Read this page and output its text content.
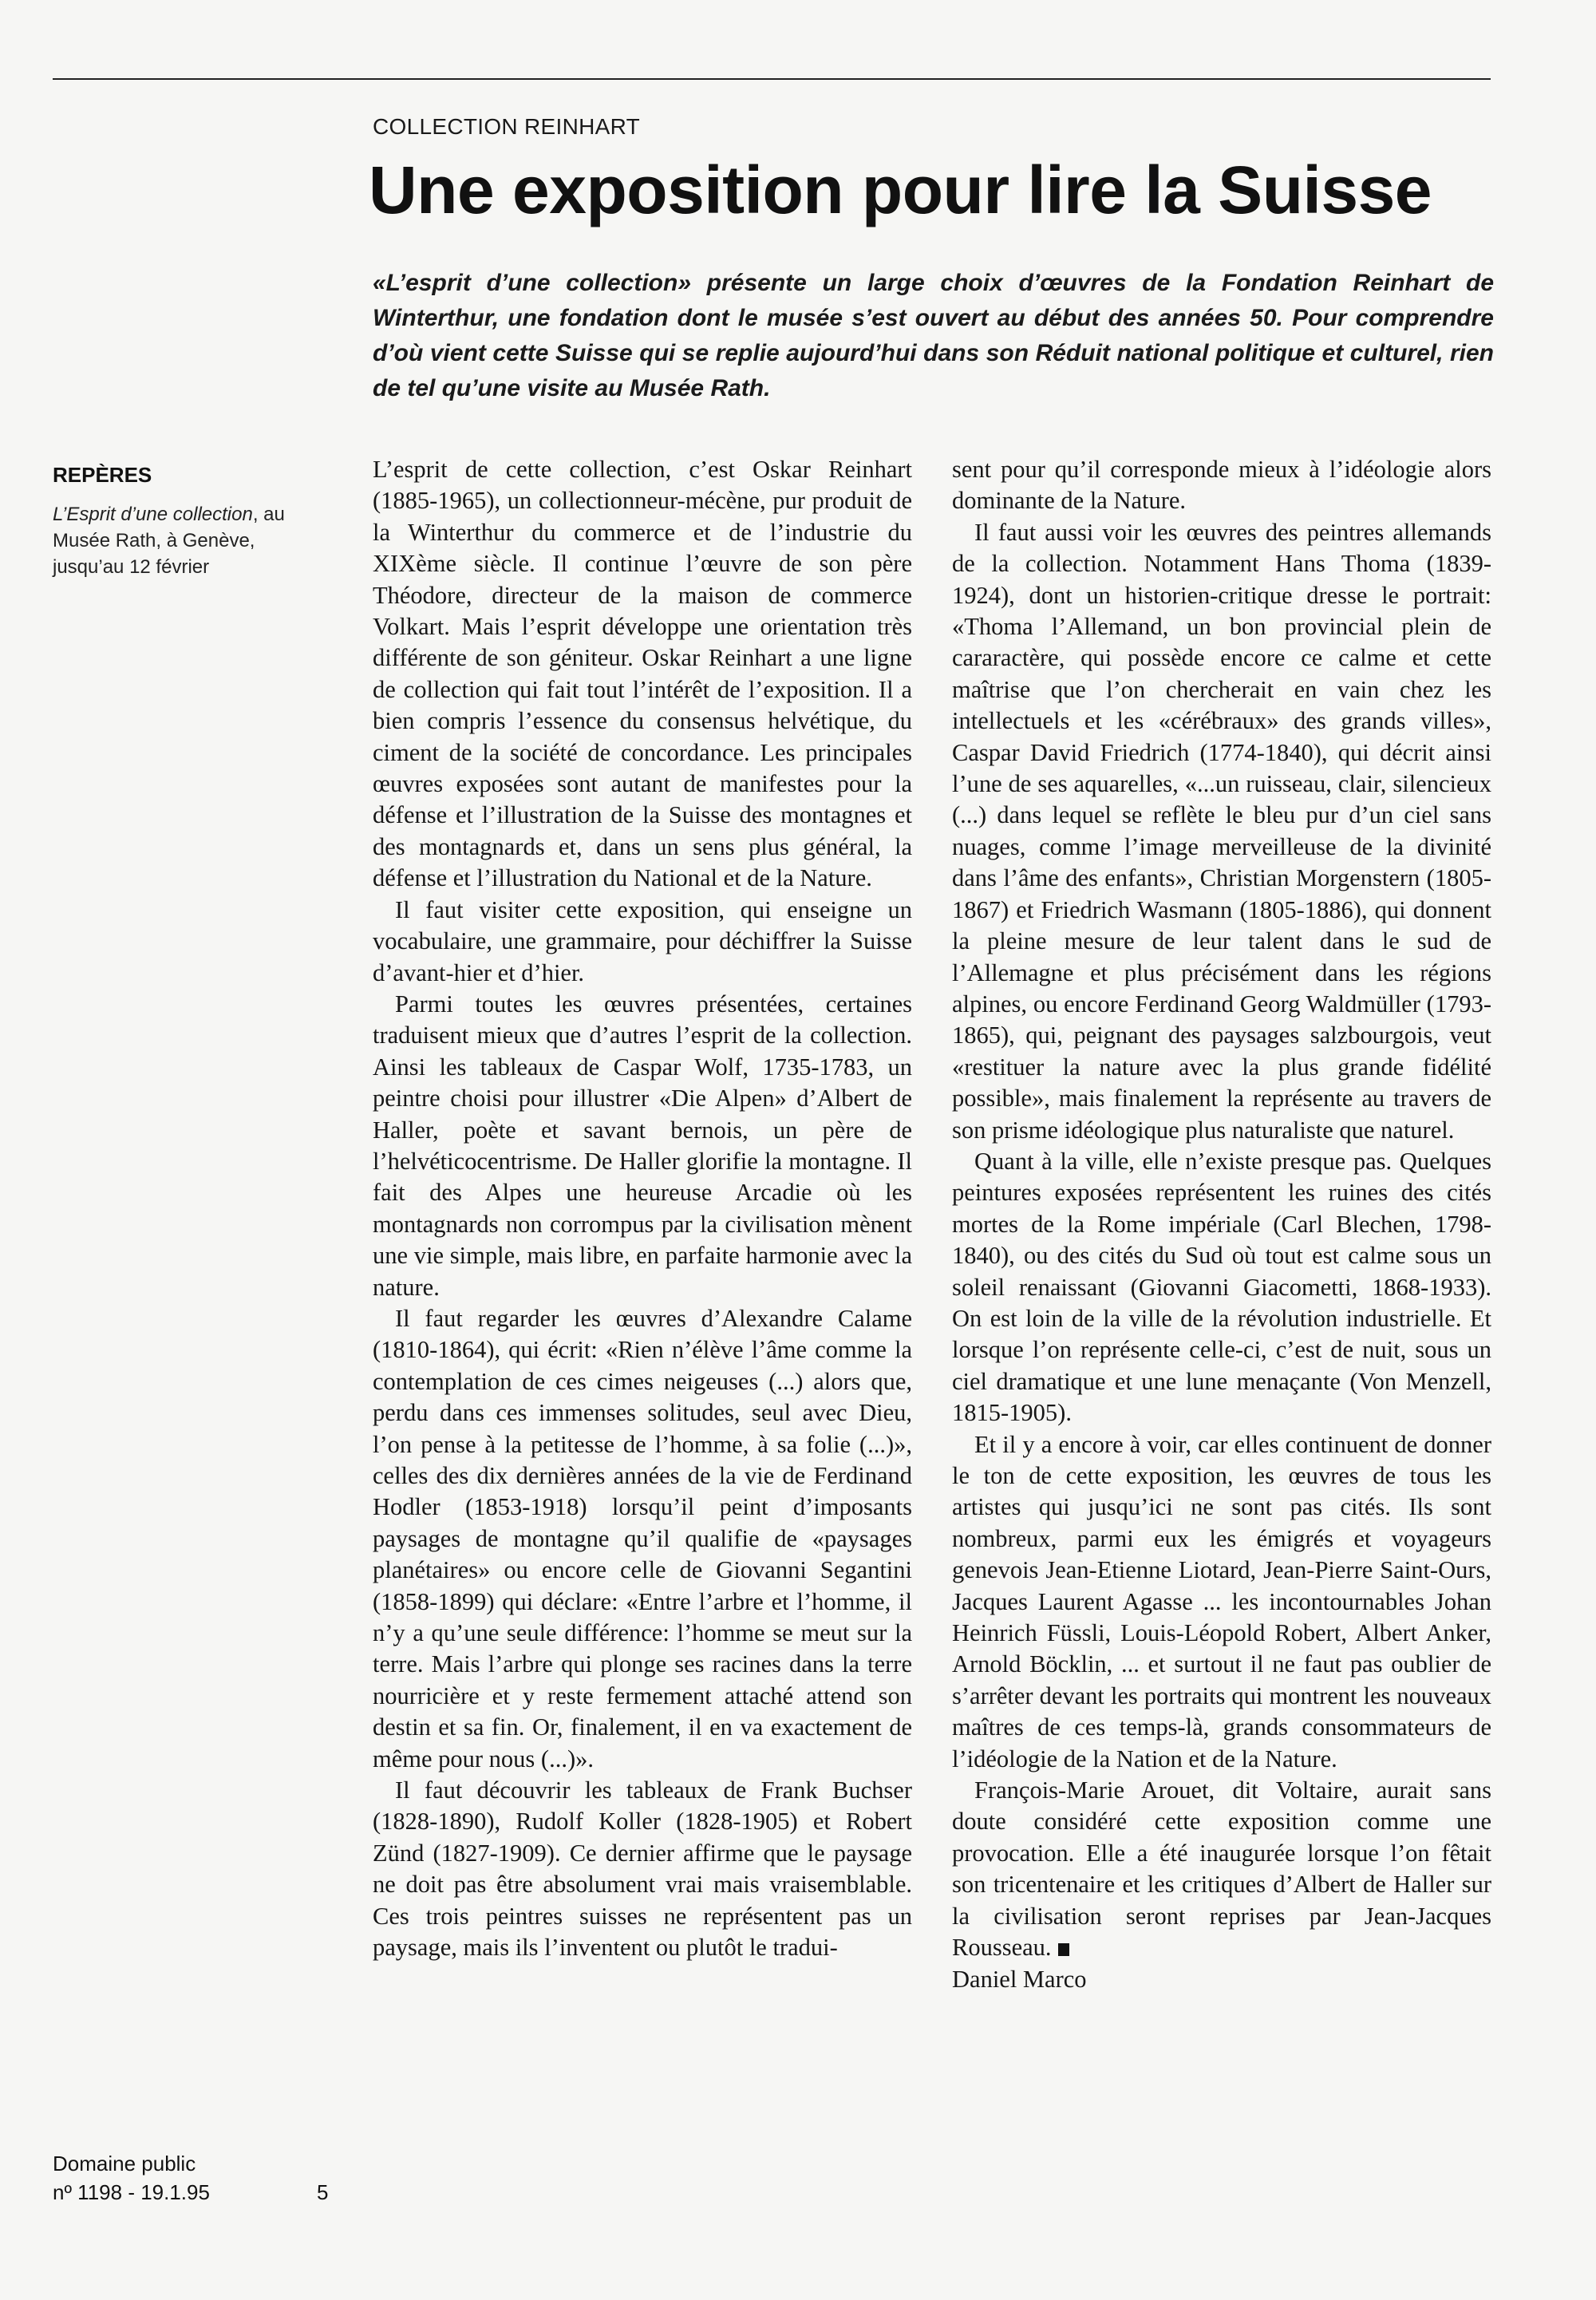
COLLECTION REINHART
Une exposition pour lire la Suisse

«L’esprit d’une collection» présente un large choix d’œuvres de la Fondation Reinhart de Winterthur, une fondation dont le musée s’est ouvert au début des années 50. Pour comprendre d’où vient cette Suisse qui se replie aujourd’hui dans son Réduit national politique et culturel, rien de tel qu’une visite au Musée Rath.

REPÈRES

L’Esprit d’une collection, au Musée Rath, à Genève, jusqu’au 12 février

L’esprit de cette collection, c’est Oskar Reinhart (1885-1965), un collectionneur-mécène, pur produit de la Winterthur du commerce et de l’industrie du XIXème siècle. Il continue l’œuvre de son père Théodore, directeur de la maison de commerce Volkart. Mais l’esprit développe une orientation très différente de son géniteur. Oskar Reinhart a une ligne de collection qui fait tout l’intérêt de l’exposition. Il a bien compris l’essence du consensus helvétique, du ciment de la société de concordance. Les principales œuvres exposées sont autant de manifestes pour la défense et l’illustration de la Suisse des montagnes et des montagnards et, dans un sens plus général, la défense et l’illustration du National et de la Nature.

Il faut visiter cette exposition, qui enseigne un vocabulaire, une grammaire, pour déchiffrer la Suisse d’avant-hier et d’hier.

Parmi toutes les œuvres présentées, certaines traduisent mieux que d’autres l’esprit de la collection. Ainsi les tableaux de Caspar Wolf, 1735-1783, un peintre choisi pour illustrer «Die Alpen» d’Albert de Haller, poète et savant bernois, un père de l’helvéticocentrisme. De Haller glorifie la montagne. Il fait des Alpes une heureuse Arcadie où les montagnards non corrompus par la civilisation mènent une vie simple, mais libre, en parfaite harmonie avec la nature.

Il faut regarder les œuvres d’Alexandre Calame (1810-1864), qui écrit: «Rien n’élève l’âme comme la contemplation de ces cimes neigeuses (...) alors que, perdu dans ces immenses solitudes, seul avec Dieu, l’on pense à la petitesse de l’homme, à sa folie (...)», celles des dix dernières années de la vie de Ferdinand Hodler (1853-1918) lorsqu’il peint d’imposants paysages de montagne qu’il qualifie de «paysages planétaires» ou encore celle de Giovanni Segantini (1858-1899) qui déclare: «Entre l’arbre et l’homme, il n’y a qu’une seule différence: l’homme se meut sur la terre. Mais l’arbre qui plonge ses racines dans la terre nourricière et y reste fermement attaché attend son destin et sa fin. Or, finalement, il en va exactement de même pour nous (...)».

Il faut découvrir les tableaux de Frank Buchser (1828-1890), Rudolf Koller (1828-1905) et Robert Zünd (1827-1909). Ce dernier affirme que le paysage ne doit pas être absolument vrai mais vraisemblable. Ces trois peintres suisses ne représentent pas un paysage, mais ils l’inventent ou plutôt le tradui-

sent pour qu’il corresponde mieux à l’idéologie alors dominante de la Nature.

Il faut aussi voir les œuvres des peintres allemands de la collection. Notamment Hans Thoma (1839-1924), dont un historien-critique dresse le portrait: «Thoma l’Allemand, un bon provincial plein de cararactère, qui possède encore ce calme et cette maîtrise que l’on chercherait en vain chez les intellectuels et les «cérébraux» des grands villes», Caspar David Friedrich (1774-1840), qui décrit ainsi l’une de ses aquarelles, «...un ruisseau, clair, silencieux (...) dans lequel se reflète le bleu pur d’un ciel sans nuages, comme l’image merveilleuse de la divinité dans l’âme des enfants», Christian Morgenstern (1805-1867) et Friedrich Wasmann (1805-1886), qui donnent la pleine mesure de leur talent dans le sud de l’Allemagne et plus précisément dans les régions alpines, ou encore Ferdinand Georg Waldmüller (1793-1865), qui, peignant des paysages salzbourgois, veut «restituer la nature avec la plus grande fidélité possible», mais finalement la représente au travers de son prisme idéologique plus naturaliste que naturel.

Quant à la ville, elle n’existe presque pas. Quelques peintures exposées représentent les ruines des cités mortes de la Rome impériale (Carl Blechen, 1798-1840), ou des cités du Sud où tout est calme sous un soleil renaissant (Giovanni Giacometti, 1868-1933). On est loin de la ville de la révolution industrielle. Et lorsque l’on représente celle-ci, c’est de nuit, sous un ciel dramatique et une lune menaçante (Von Menzell, 1815-1905).

Et il y a encore à voir, car elles continuent de donner le ton de cette exposition, les œuvres de tous les artistes qui jusqu’ici ne sont pas cités. Ils sont nombreux, parmi eux les émigrés et voyageurs genevois Jean-Etienne Liotard, Jean-Pierre Saint-Ours, Jacques Laurent Agasse ... les incontournables Johan Heinrich Füssli, Louis-Léopold Robert, Albert Anker, Arnold Böcklin, ... et surtout il ne faut pas oublier de s’arrêter devant les portraits qui montrent les nouveaux maîtres de ces temps-là, grands consommateurs de l’idéologie de la Nation et de la Nature.

François-Marie Arouet, dit Voltaire, aurait sans doute considéré cette exposition comme une provocation. Elle a été inaugurée lorsque l’on fêtait son tricentenaire et les critiques d’Albert de Haller sur la civilisation seront reprises par Jean-Jacques Rousseau.

Daniel Marco

Domaine public
nº 1198 - 19.1.95	5
